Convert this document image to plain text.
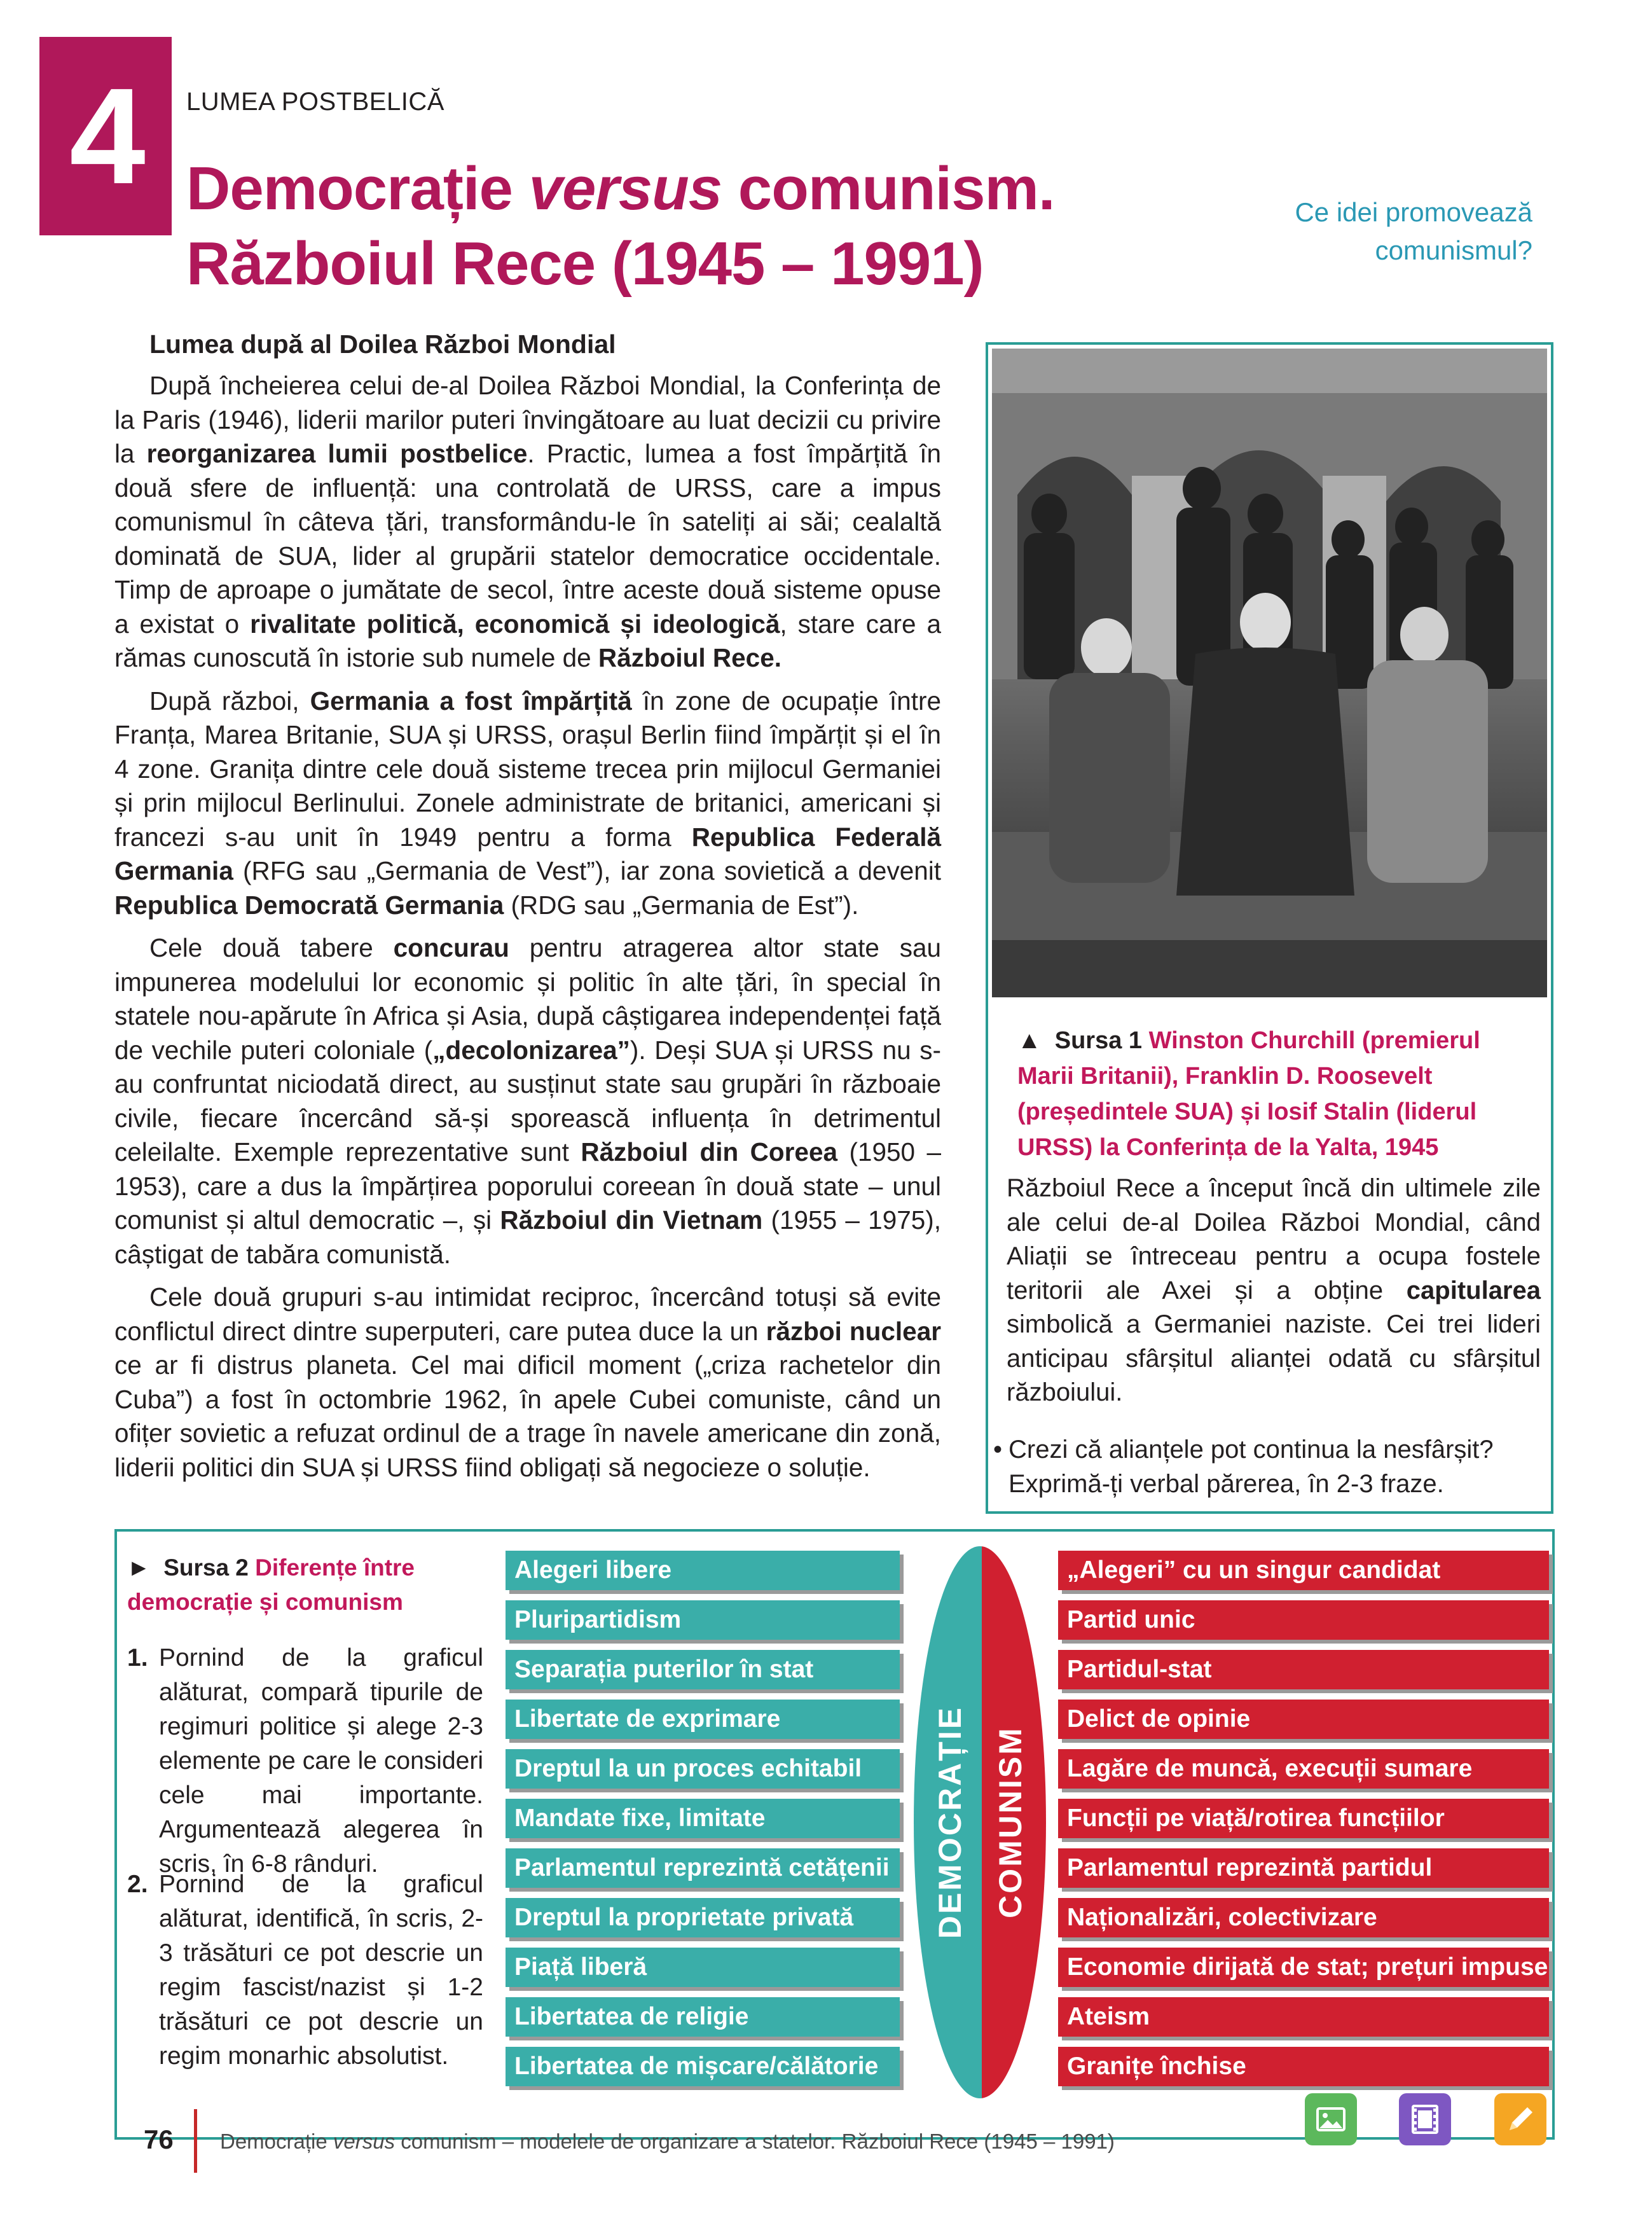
4	LUMEA POSTBELICĂ
Democrație versus comunism.
Războiul Rece (1945 – 1991)
Ce idei promovează comunismul?
Lumea după al Doilea Război Mondial

După încheierea celui de-al Doilea Război Mondial, la Conferința de la Paris (1946), liderii marilor puteri învingătoare au luat decizii cu privire la reorganizarea lumii postbelice. Practic, lumea a fost împărțită în două sfere de influență: una controlată de URSS, care a impus comunismul în câteva țări, transformându-le în sateliți ai săi; cealaltă dominată de SUA, lider al grupării statelor democratice occidentale. Timp de aproape o jumătate de secol, între aceste două sisteme opuse a existat o rivalitate politică, economică și ideologică, stare care a rămas cunoscută în istorie sub numele de Războiul Rece.

După război, Germania a fost împărțită în zone de ocupație între Franța, Marea Britanie, SUA și URSS, orașul Berlin fiind împărțit și el în 4 zone. Granița dintre cele două sisteme trecea prin mijlocul Germaniei și prin mijlocul Berlinului. Zonele administrate de britanici, americani și francezi s-au unit în 1949 pentru a forma Republica Federală Germania (RFG sau „Germania de Vest”), iar zona sovietică a devenit Republica Democrată Germania (RDG sau „Germania de Est”).

Cele două tabere concurau pentru atragerea altor state sau impunerea modelului lor economic și politic în alte țări, în special în statele nou-apărute în Africa și Asia, după câștigarea independenței față de vechile puteri coloniale („decolonizarea”). Deși SUA și URSS nu s-au confruntat niciodată direct, au susținut state sau grupări în războaie civile, fiecare încercând să-și sporească influența în detrimentul celeilalte. Exemple reprezentative sunt Războiul din Coreea (1950 – 1953), care a dus la împărțirea poporului coreean în două state – unul comunist și altul democratic –, și Războiul din Vietnam (1955 – 1975), câștigat de tabăra comunistă.

Cele două grupuri s-au intimidat reciproc, încercând totuși să evite conflictul direct dintre superputeri, care putea duce la un război nuclear ce ar fi distrus planeta. Cel mai dificil moment („criza rachetelor din Cuba”) a fost în octombrie 1962, în apele Cubei comuniste, când un ofițer sovietic a refuzat ordinul de a trage în navele americane din zonă, liderii politici din SUA și URSS fiind obligați să negocieze o soluție.

▲ Sursa 1 Winston Churchill (premierul Marii Britanii), Franklin D. Roosevelt (președintele SUA) și Iosif Stalin (liderul URSS) la Conferința de la Yalta, 1945
Războiul Rece a început încă din ultimele zile ale celui de-al Doilea Război Mondial, când Aliații se întreceau pentru a ocupa fostele teritorii ale Axei și a obține capitularea simbolică a Germaniei naziste. Cei trei lideri anticipau sfârșitul alianței odată cu sfârșitul războiului.
• Crezi că alianțele pot continua la nesfârșit? Exprimă-ți verbal părerea, în 2-3 fraze.
► Sursa 2 Diferențe între democrație și comunism
1. Pornind de la graficul alăturat, compară tipurile de regimuri politice și alege 2-3 elemente pe care le consideri cele mai importante. Argumentează alegerea în scris, în 6-8 rânduri.
2. Pornind de la graficul alăturat, identifică, în scris, 2-3 trăsături ce pot descrie un regim fascist/nazist și 1-2 trăsături ce pot descrie un regim monarhic absolutist.
Alegeri libere
Pluripartidism
Separația puterilor în stat
Libertate de exprimare
Dreptul la un proces echitabil
Mandate fixe, limitate
Parlamentul reprezintă cetățenii
Dreptul la proprietate privată
Piață liberă
Libertatea de religie
Libertatea de mișcare/călătorie
DEMOCRAȚIE COMUNISM
„Alegeri” cu un singur candidat
Partid unic
Partidul-stat
Delict de opinie
Lagăre de muncă, execuții sumare
Funcții pe viață/rotirea funcțiilor
Parlamentul reprezintă partidul
Naționalizări, colectivizare
Economie dirijată de stat; prețuri impuse
Ateism
Granițe închise
76 Democrație versus comunism – modelele de organizare a statelor. Războiul Rece (1945 – 1991)
